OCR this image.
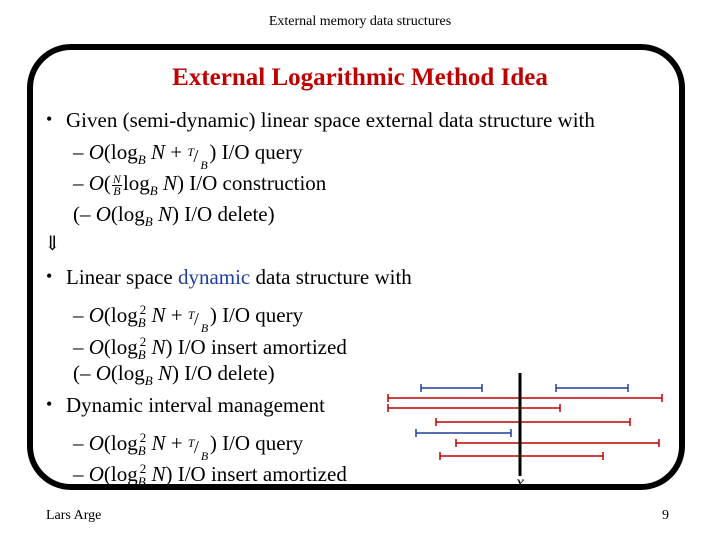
External memory data structures
External Logarithmic Method Idea
• Given (semi-dynamic) linear space external data structure with
– $O(\log_B$ N + T / B
) I/O query
– $O( \frac{N}{B} \log_B N)$ I/O construction
(– $O(\log_B$ N) I/O delete)
⇓
• Linear space dynamic data structure with
– $O(\log_B^2$ N + T / B
) I/O query
– $O(\log_B^2$ N) I/O insert amortized
(– $O(\log_B$ N) I/O delete)
• Dynamic interval management
– $O(\log_B^2$ N + T / B
) I/O query
– $O(\log_B^2$ N) I/O insert amortized	x
Lars Arge	9
